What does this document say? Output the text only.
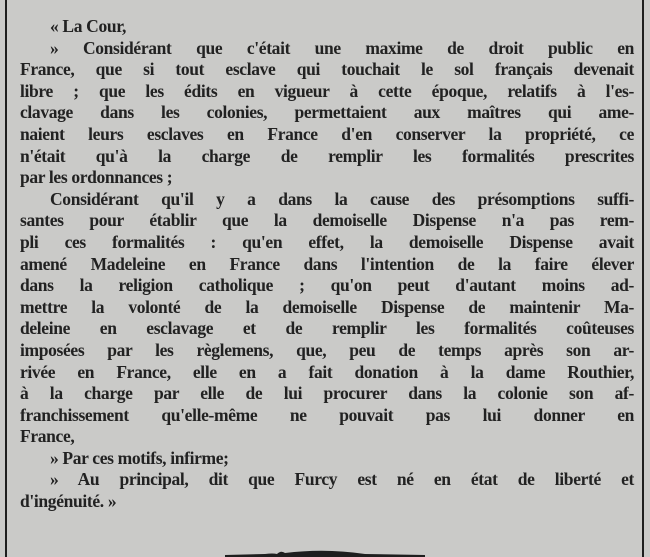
« La Cour,
» Considérant que c'était une maxime de droit public en
France, que si tout esclave qui touchait le sol français devenait
libre ; que les édits en vigueur à cette époque, relatifs à l'es-
clavage dans les colonies, permettaient aux maîtres qui ame-
naient leurs esclaves en France d'en conserver la propriété, ce
n'était qu'à la charge de remplir les formalités prescrites
par les ordonnances ;
Considérant qu'il y a dans la cause des présomptions suffi-
santes pour établir que la demoiselle Dispense n'a pas rem-
pli ces formalités : qu'en effet, la demoiselle Dispense avait
amené Madeleine en France dans l'intention de la faire élever
dans la religion catholique ; qu'on peut d'autant moins ad-
mettre la volonté de la demoiselle Dispense de maintenir Ma-
deleine en esclavage et de remplir les formalités coûteuses
imposées par les règlemens, que, peu de temps après son ar-
rivée en France, elle en a fait donation à la dame Routhier,
à la charge par elle de lui procurer dans la colonie son af-
franchissement qu'elle-même ne pouvait pas lui donner en
France,
» Par ces motifs, infirme;
» Au principal, dit que Furcy est né en état de liberté et
d'ingénuité. »
